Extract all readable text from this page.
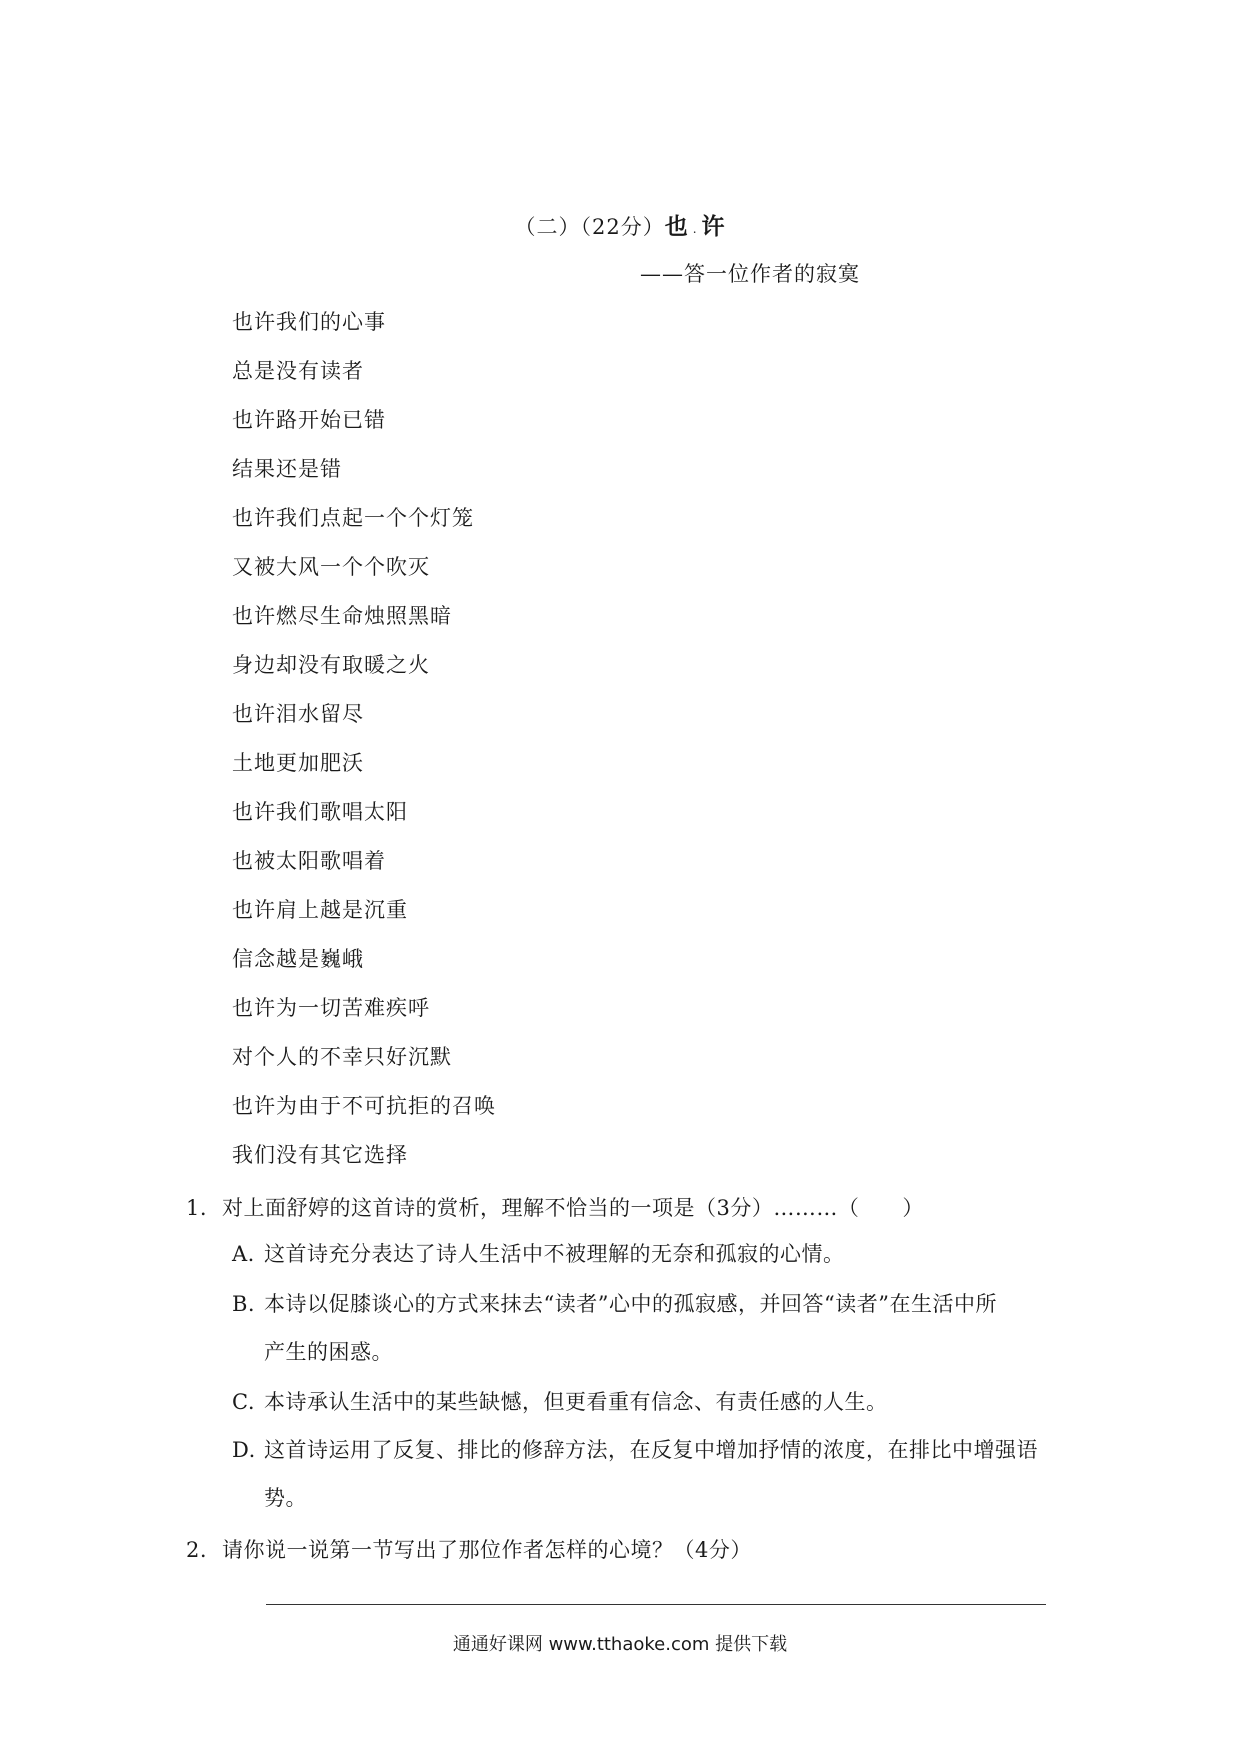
（二）（22分）也 . 许
——答一位作者的寂寞
也许我们的心事
总是没有读者
也许路开始已错
结果还是错
也许我们点起一个个灯笼
又被大风一个个吹灭
也许燃尽生命烛照黑暗
身边却没有取暖之火
也许泪水留尽
土地更加肥沃
也许我们歌唱太阳
也被太阳歌唱着
也许肩上越是沉重
信念越是巍峨
也许为一切苦难疾呼
对个人的不幸只好沉默
也许为由于不可抗拒的召唤
我们没有其它选择
1. 对上面舒婷的这首诗的赏析，理解不恰当的一项是（3分）………（　　）
A. 这首诗充分表达了诗人生活中不被理解的无奈和孤寂的心情。
B. 本诗以促膝谈心的方式来抹去“读者”心中的孤寂感，并回答“读者”在生活中所
产生的困惑。
C. 本诗承认生活中的某些缺憾，但更看重有信念、有责任感的人生。
D. 这首诗运用了反复、排比的修辞方法，在反复中增加抒情的浓度，在排比中增强语
势。
2. 请你说一说第一节写出了那位作者怎样的心境？（4分）
通通好课网 www.tthaoke.com 提供下载
